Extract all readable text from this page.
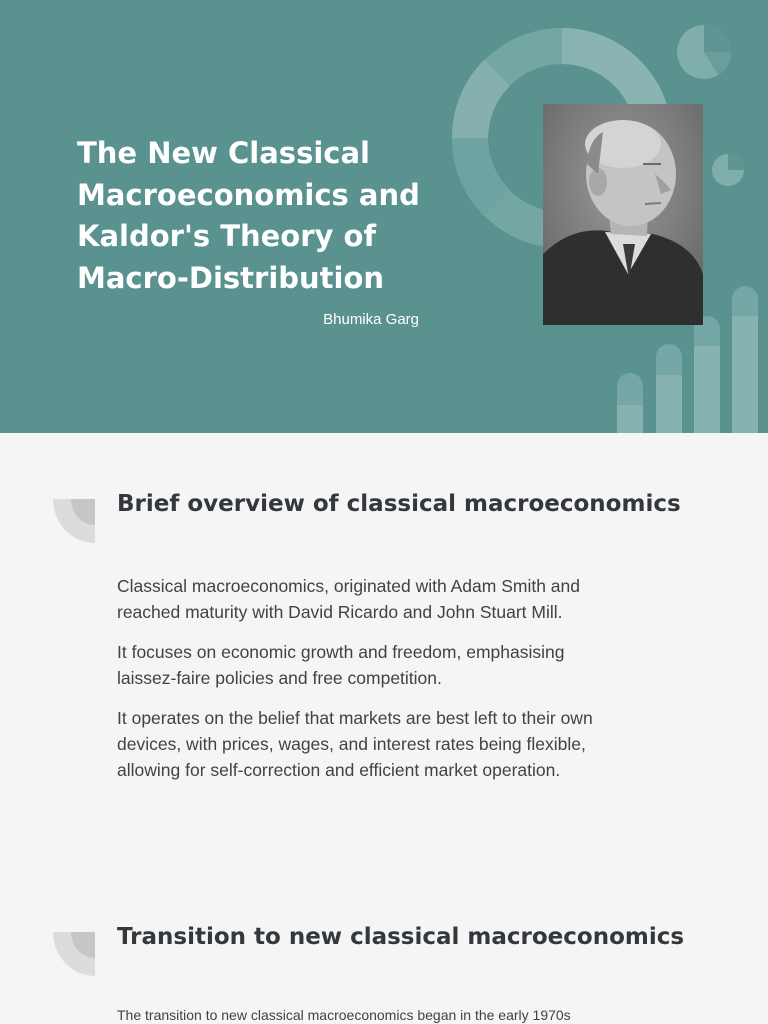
The New Classical
Macroeconomics and
Kaldor's Theory of
Macro-Distribution
Bhumika Garg
Brief overview of classical macroeconomics

Classical macroeconomics, originated with Adam Smith and
reached maturity with David Ricardo and John Stuart Mill.

It focuses on economic growth and freedom, emphasising
laissez-faire policies and free competition.

It operates on the belief that markets are best left to their own
devices, with prices, wages, and interest rates being flexible,
allowing for self-correction and efficient market operation.

Transition to new classical macroeconomics

The transition to new classical macroeconomics began in the early 1970s
